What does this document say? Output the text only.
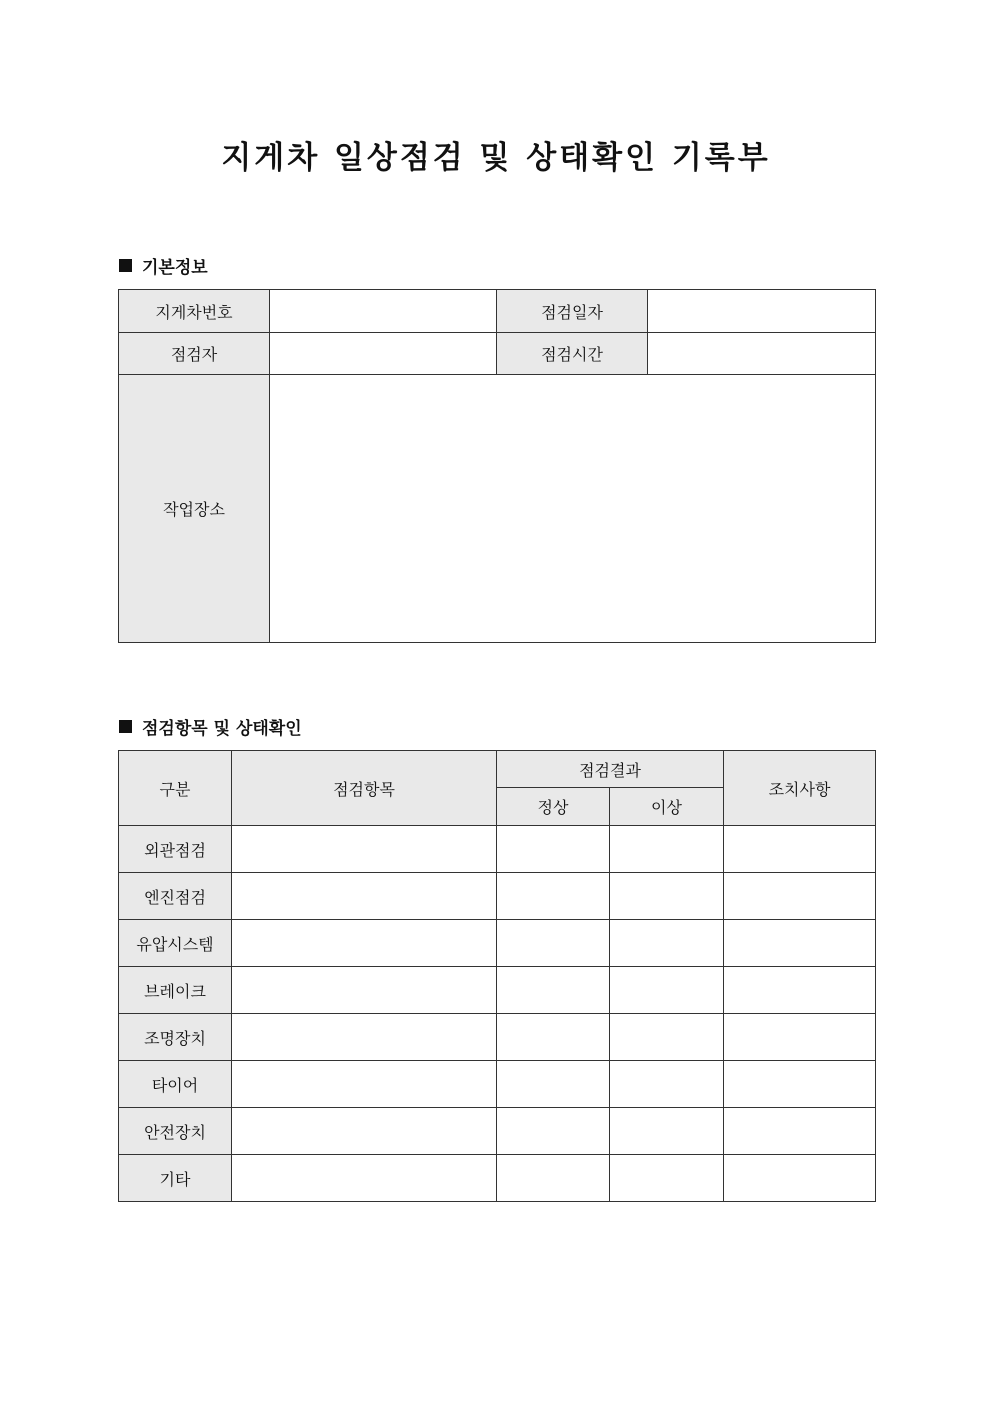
지게차 일상점검 및 상태확인 기록부
기본정보
지게차번호		점검일자	
점검자		점검시간	
작업장소			
점검항목 및 상태확인
구분	점검항목	점검결과		조치사항
		정상	이상	
외관점검				
엔진점검				
유압시스템				
브레이크				
조명장치				
타이어				
안전장치				
기타				
